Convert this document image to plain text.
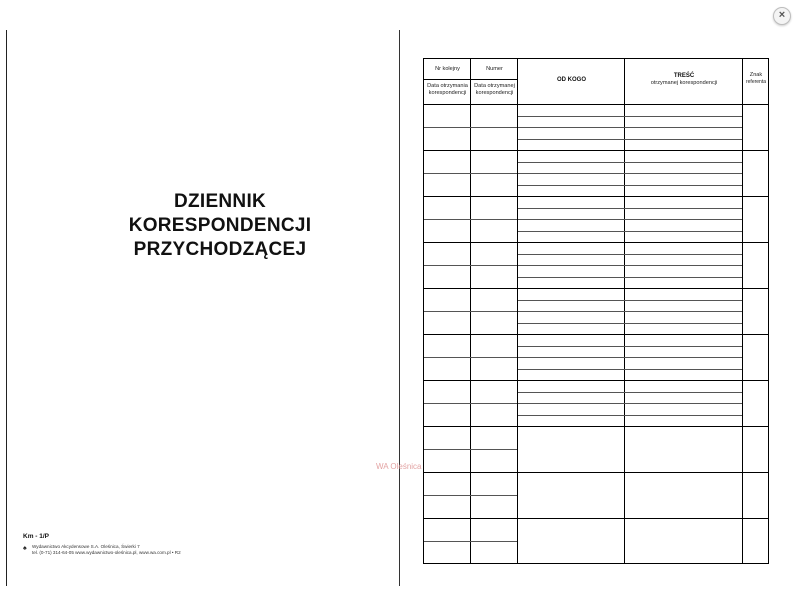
×
DZIENNIK
KORESPONDENCJI
PRZYCHODZĄCEJ
Km - 1/P
♠ Wydawnictwo Akcydensowe S.A. Oleśnica, Świerki 7
tel. (0-71) 314-64-05 www.wydawnictwo-oleśnica.pl, www.wa.com.pl • R2
WA Oleśnica
Nr kolejny	Numer
Data otrzymania korespondencji
Data otrzymanej korespondencji
OD KOGO
TREŚĆ
otrzymanej korespondencji
Znak
referenta
